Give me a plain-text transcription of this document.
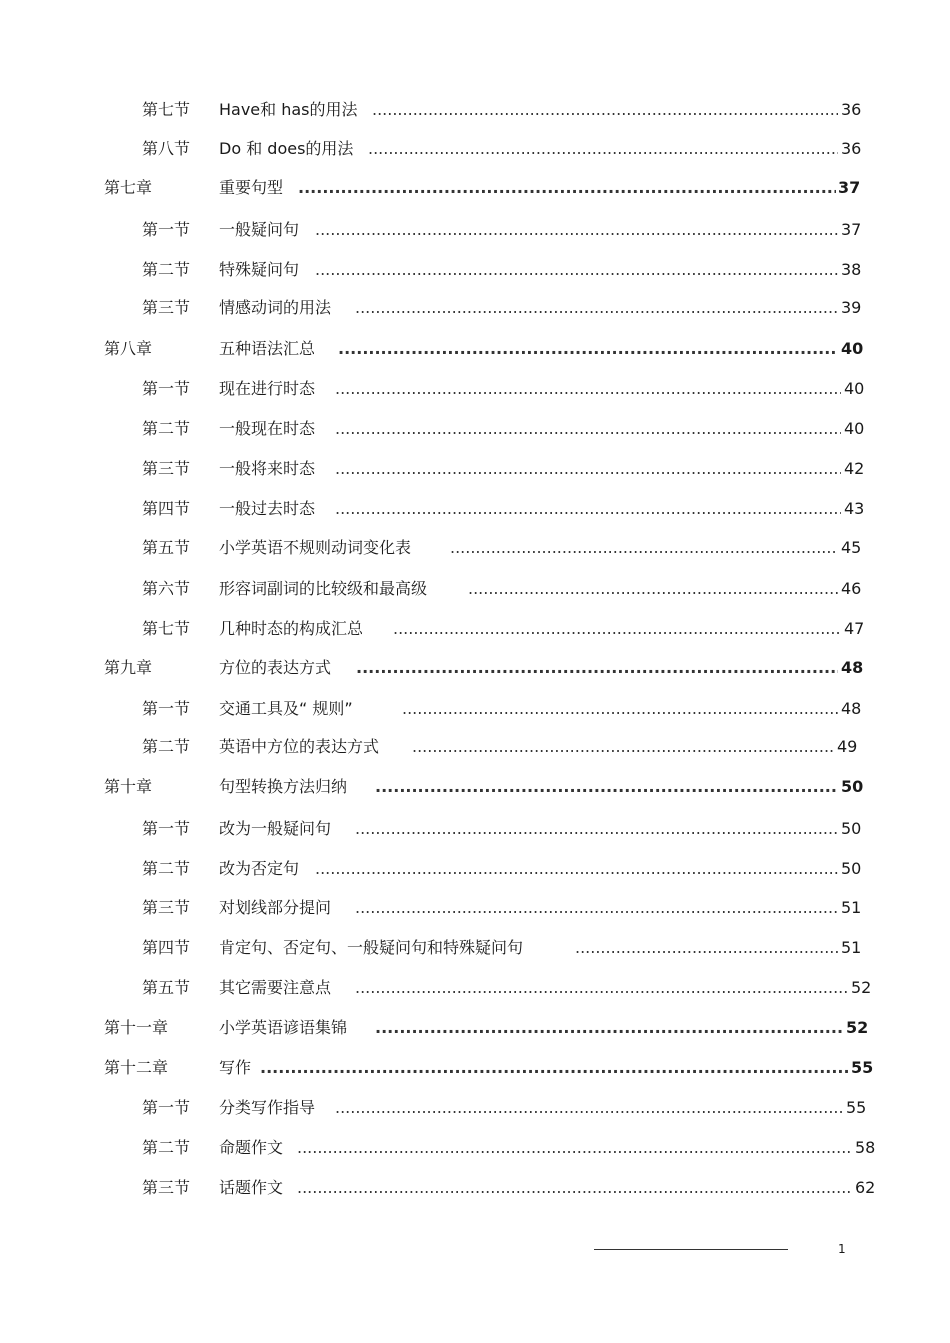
第七节 Have和 has的用法 .....	36
第八节 Do 和 does的用法 .....	36
第七章	重要句型 .....	37
第一节 一般疑问句 .....	37
第二节 特殊疑问句 .....	38
第三节 情感动词的用法 .....	39
第八章	五种语法汇总 .....	40
第一节 现在进行时态 .....	40
第二节 一般现在时态 .....	40
第三节 一般将来时态 .....	42
第四节 一般过去时态 .....	43
第五节 小学英语不规则动词变化表 .....	45
第六节 形容词副词的比较级和最高级 .....	46
第七节 几种时态的构成汇总 .....	47
第九章	方位的表达方式 .....	48
第一节 交通工具及“ 规则” .....	48
第二节 英语中方位的表达方式 .....	49
第十章	句型转换方法归纳 .....	50
第一节 改为一般疑问句 .....	50
第二节 改为否定句 .....	50
第三节 对划线部分提问 .....	51
第四节 肯定句、否定句、一般疑问句和特殊疑问句 .....	51
第五节 其它需要注意点 .....	52
第十一章	小学英语谚语集锦 .....	52
第十二章	写作 .....	55
第一节 分类写作指导 .....	55
第二节 命题作文 .....	58
第三节 话题作文 .....	62
1
